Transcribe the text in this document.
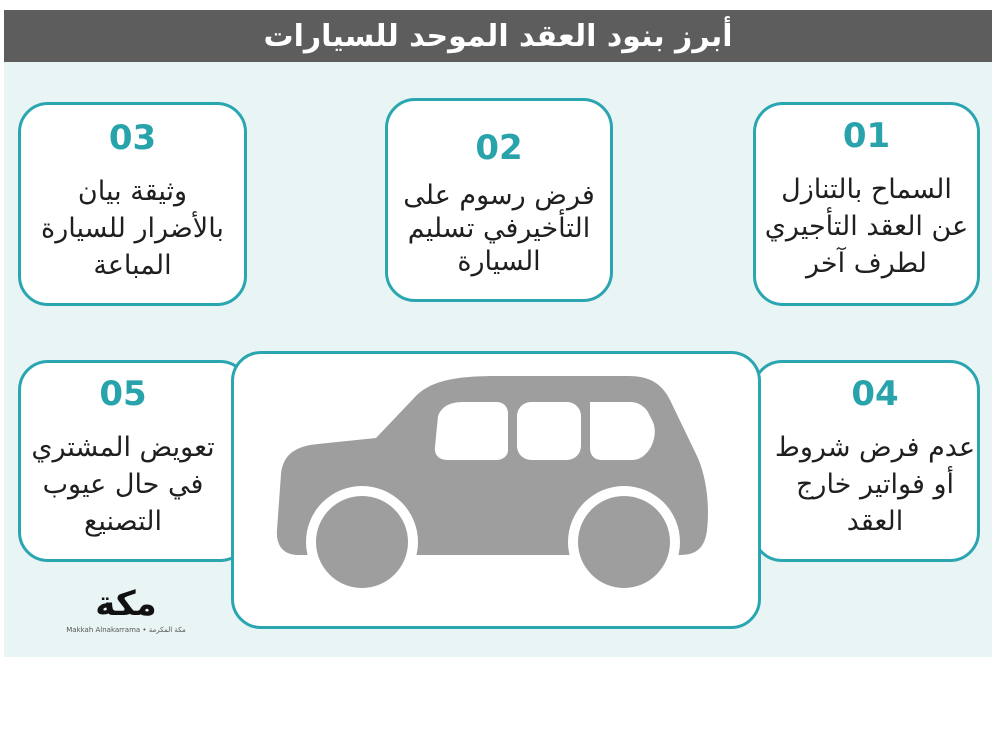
أبرز بنود العقد الموحد للسيارات
01
السماح بالتنازل
عن العقد التأجيري
لطرف آخر
02
فرض رسوم على
التأخيرفي تسليم
السيارة
03
وثيقة بيان
بالأضرار للسيارة
المباعة
04
عدم فرض شروط
أو فواتير خارج
العقد
05
تعويض المشتري
في حال عيوب
التصنيع
مكة
Makkah Alnakarrama • مكة المكرمة
